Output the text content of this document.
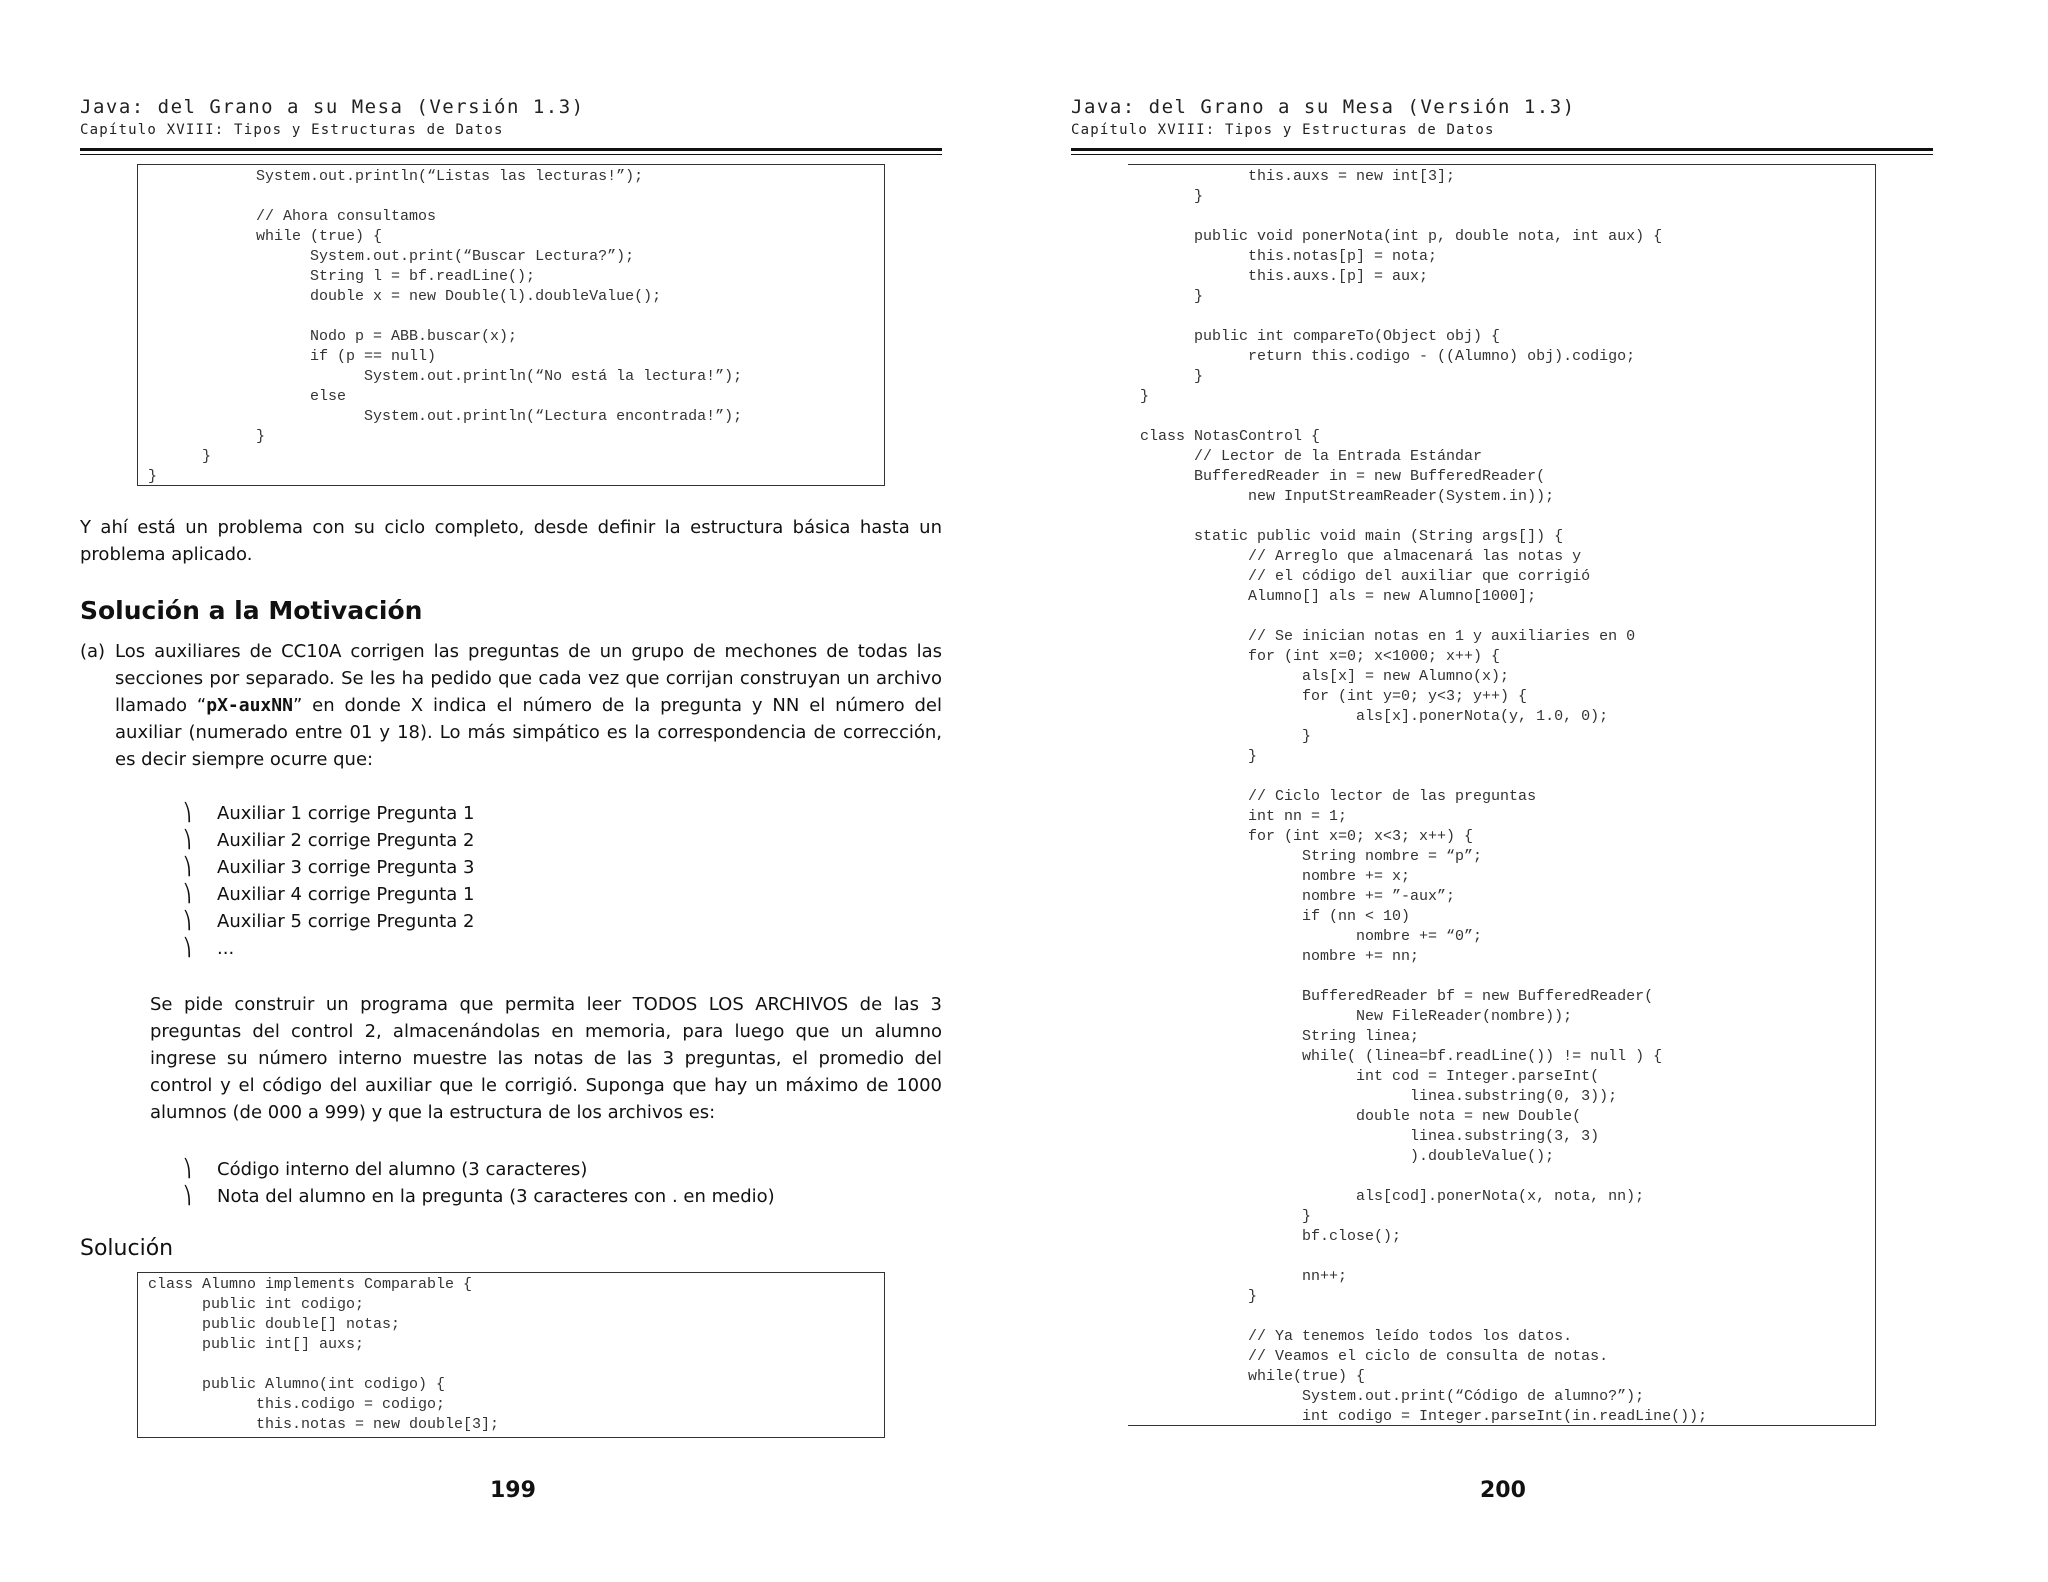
Java: del Grano a su Mesa (Versión 1.3)
Capítulo XVIII: Tipos y Estructuras de Datos
System.out.println(“Listas las lecturas!”);

// Ahora consultamos
while (true) {
System.out.print(“Buscar Lectura?”);
String l = bf.readLine();
double x = new Double(l).doubleValue();

Nodo p = ABB.buscar(x);
if (p == null)
System.out.println(“No está la lectura!”);
else
System.out.println(“Lectura encontrada!”);
}
}
}
Y ahí está un problema con su ciclo completo, desde definir la estructura básica hasta un problema aplicado.
Solución a la Motivación
(a) Los auxiliares de CC10A corrigen las preguntas de un grupo de mechones de todas las secciones por separado. Se les ha pedido que cada vez que corrijan construyan un archivo llamado “pX-auxNN” en donde X indica el número de la pregunta y NN el número del auxiliar (numerado entre 01 y 18). Lo más simpático es la correspondencia de corrección, es decir siempre ocurre que:
⎞	Auxiliar 1 corrige Pregunta 1
⎞	Auxiliar 2 corrige Pregunta 2
⎞	Auxiliar 3 corrige Pregunta 3
⎞	Auxiliar 4 corrige Pregunta 1
⎞	Auxiliar 5 corrige Pregunta 2
⎞	...
Se pide construir un programa que permita leer TODOS LOS ARCHIVOS de las 3 preguntas del control 2, almacenándolas en memoria, para luego que un alumno ingrese su número interno muestre las notas de las 3 preguntas, el promedio del control y el código del auxiliar que le corrigió. Suponga que hay un máximo de 1000 alumnos (de 000 a 999) y que la estructura de los archivos es:
⎞	Código interno del alumno (3 caracteres)
⎞	Nota del alumno en la pregunta (3 caracteres con . en medio)
Solución
class Alumno implements Comparable {
public int codigo;
public double[] notas;
public int[] auxs;

public Alumno(int codigo) {
this.codigo = codigo;
this.notas = new double[3];
199
Java: del Grano a su Mesa (Versión 1.3)
Capítulo XVIII: Tipos y Estructuras de Datos
this.auxs = new int[3];
}

public void ponerNota(int p, double nota, int aux) {
this.notas[p] = nota;
this.auxs.[p] = aux;
}

public int compareTo(Object obj) {
return this.codigo - ((Alumno) obj).codigo;
}
}

class NotasControl {
// Lector de la Entrada Estándar
BufferedReader in = new BufferedReader(
new InputStreamReader(System.in));

static public void main (String args[]) {
// Arreglo que almacenará las notas y
// el código del auxiliar que corrigió
Alumno[] als = new Alumno[1000];

// Se inician notas en 1 y auxiliaries en 0
for (int x=0; x<1000; x++) {
als[x] = new Alumno(x);
for (int y=0; y<3; y++) {
als[x].ponerNota(y, 1.0, 0);
}
}

// Ciclo lector de las preguntas
int nn = 1;
for (int x=0; x<3; x++) {
String nombre = “p”;
nombre += x;
nombre += ”-aux”;
if (nn < 10)
nombre += “0”;
nombre += nn;

BufferedReader bf = new BufferedReader(
New FileReader(nombre));
String linea;
while( (linea=bf.readLine()) != null ) {
int cod = Integer.parseInt(
linea.substring(0, 3));
double nota = new Double(
linea.substring(3, 3)
).doubleValue();

als[cod].ponerNota(x, nota, nn);
}
bf.close();

nn++;
}

// Ya tenemos leído todos los datos.
// Veamos el ciclo de consulta de notas.
while(true) {
System.out.print(“Código de alumno?”);
int codigo = Integer.parseInt(in.readLine());
200
